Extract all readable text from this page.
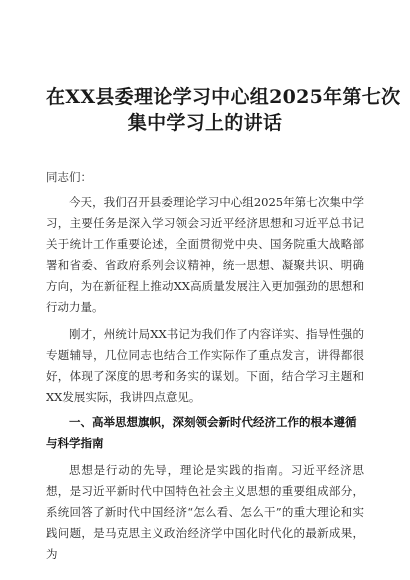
在XX县委理论学习中心组2025年第七次
集中学习上的讲话
同志们：

今天，我们召开县委理论学习中心组2025年第七次集中学习，主要任务是深入学习领会习近平经济思想和习近平总书记关于统计工作重要论述，全面贯彻党中央、国务院重大战略部署和省委、省政府系列会议精神，统一思想、凝聚共识、明确方向，为在新征程上推动XX高质量发展注入更加强劲的思想和行动力量。

刚才，州统计局XX书记为我们作了内容详实、指导性强的专题辅导，几位同志也结合工作实际作了重点发言，讲得都很好，体现了深度的思考和务实的谋划。下面，结合学习主题和XX发展实际，我讲四点意见。

一、高举思想旗帜，深刻领会新时代经济工作的根本遵循与科学指南

思想是行动的先导，理论是实践的指南。习近平经济思想，是习近平新时代中国特色社会主义思想的重要组成部分，系统回答了新时代中国经济“怎么看、怎么干”的重大理论和实践问题，是马克思主义政治经济学中国化时代化的最新成果，为
